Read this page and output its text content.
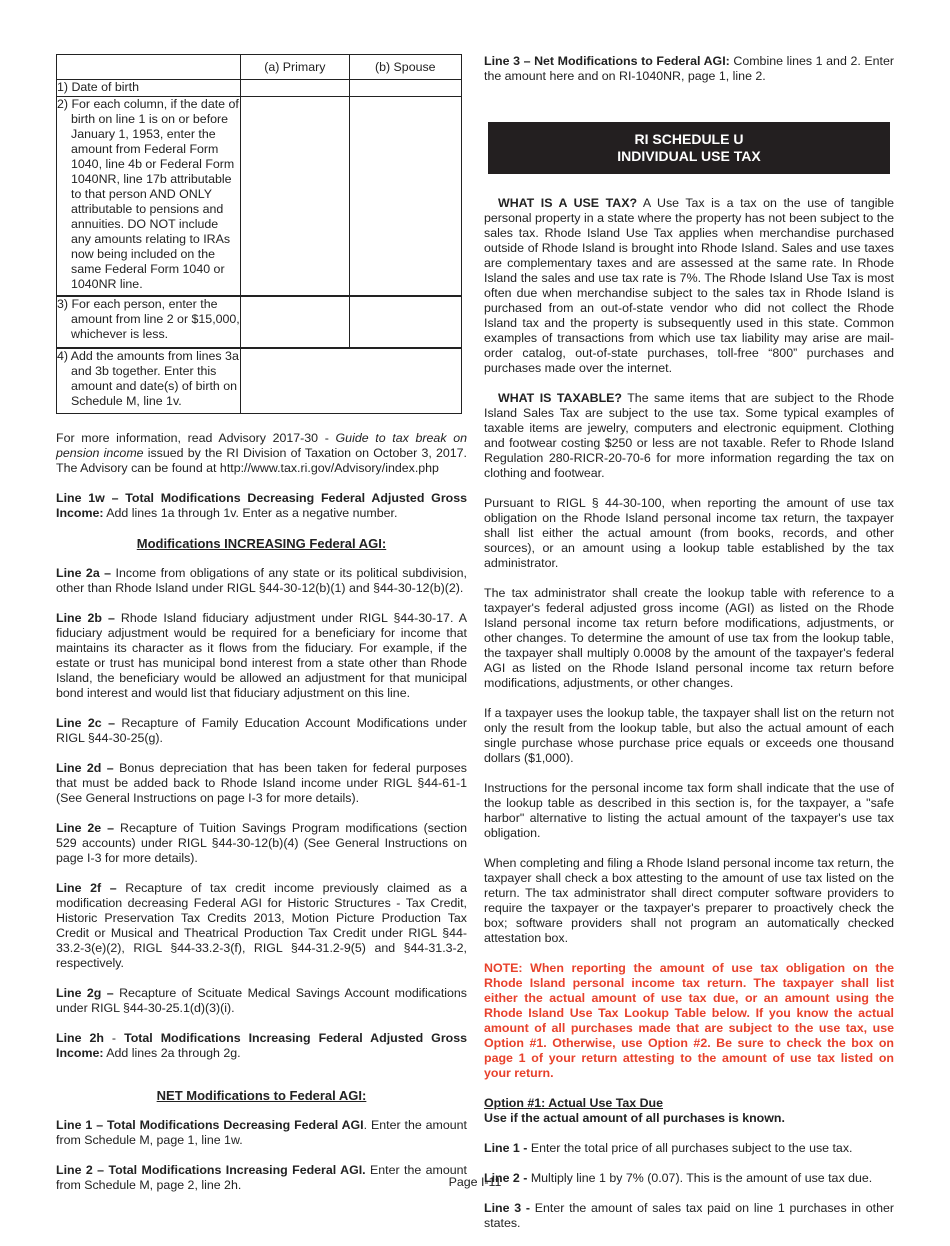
	(a) Primary	(b) Spouse

1) Date of birth		

2) For each column, if the date of birth on line 1 is on or before January 1, 1953, enter the amount from Federal Form 1040, line 4b or Federal Form 1040NR, line 17b attributable to that person AND ONLY attributable to pensions and annuities. DO NOT include any amounts relating to IRAs now being included on the same Federal Form 1040 or 1040NR line.		

3) For each person, enter the amount from line 2 or $15,000, whichever is less.		

4) Add the amounts from lines 3a and 3b together. Enter this amount and date(s) of birth on Schedule M, line 1v.		

For more information, read Advisory 2017-30 - Guide to tax break on pension income issued by the RI Division of Taxation on October 3, 2017. The Advisory can be found at http://www.tax.ri.gov/Advisory/index.php

Line 1w – Total Modifications Decreasing Federal Adjusted Gross Income: Add lines 1a through 1v. Enter as a negative number.

Modifications INCREASING Federal AGI:

Line 2a – Income from obligations of any state or its political subdivision, other than Rhode Island under RIGL §44-30-12(b)(1) and §44-30-12(b)(2).

Line 2b – Rhode Island fiduciary adjustment under RIGL §44-30-17. A fiduciary adjustment would be required for a beneficiary for income that maintains its character as it flows from the fiduciary. For example, if the estate or trust has municipal bond interest from a state other than Rhode Island, the beneficiary would be allowed an adjustment for that municipal bond interest and would list that fiduciary adjustment on this line.

Line 2c – Recapture of Family Education Account Modifications under RIGL §44-30-25(g).

Line 2d – Bonus depreciation that has been taken for federal purposes that must be added back to Rhode Island income under RIGL §44-61-1 (See General Instructions on page I-3 for more details).

Line 2e – Recapture of Tuition Savings Program modifications (section 529 accounts) under RIGL §44-30-12(b)(4) (See General Instructions on page I-3 for more details).

Line 2f – Recapture of tax credit income previously claimed as a modification decreasing Federal AGI for Historic Structures - Tax Credit, Historic Preservation Tax Credits 2013, Motion Picture Production Tax Credit or Musical and Theatrical Production Tax Credit under RIGL §44-33.2-3(e)(2), RIGL §44-33.2-3(f), RIGL §44-31.2-9(5) and §44-31.3-2, respectively.

Line 2g – Recapture of Scituate Medical Savings Account modifications under RIGL §44-30-25.1(d)(3)(i).

Line 2h - Total Modifications Increasing Federal Adjusted Gross Income: Add lines 2a through 2g.

NET Modifications to Federal AGI:

Line 1 – Total Modifications Decreasing Federal AGI. Enter the amount from Schedule M, page 1, line 1w.

Line 2 – Total Modifications Increasing Federal AGI. Enter the amount from Schedule M, page 2, line 2h.

Line 3 – Net Modifications to Federal AGI: Combine lines 1 and 2. Enter the amount here and on RI-1040NR, page 1, line 2.

RI SCHEDULE U
INDIVIDUAL USE TAX

WHAT IS A USE TAX? A Use Tax is a tax on the use of tangible personal property in a state where the property has not been subject to the sales tax. Rhode Island Use Tax applies when merchandise purchased outside of Rhode Island is brought into Rhode Island. Sales and use taxes are complementary taxes and are assessed at the same rate. In Rhode Island the sales and use tax rate is 7%. The Rhode Island Use Tax is most often due when merchandise subject to the sales tax in Rhode Island is purchased from an out-of-state vendor who did not collect the Rhode Island tax and the property is subsequently used in this state. Common examples of transactions from which use tax liability may arise are mail-order catalog, out-of-state purchases, toll-free “800” purchases and purchases made over the internet.

WHAT IS TAXABLE? The same items that are subject to the Rhode Island Sales Tax are subject to the use tax. Some typical examples of taxable items are jewelry, computers and electronic equipment. Clothing and footwear costing $250 or less are not taxable. Refer to Rhode Island Regulation 280-RICR-20-70-6 for more information regarding the tax on clothing and footwear.

Pursuant to RIGL § 44-30-100, when reporting the amount of use tax obligation on the Rhode Island personal income tax return, the taxpayer shall list either the actual amount (from books, records, and other sources), or an amount using a lookup table established by the tax administrator.

The tax administrator shall create the lookup table with reference to a taxpayer's federal adjusted gross income (AGI) as listed on the Rhode Island personal income tax return before modifications, adjustments, or other changes. To determine the amount of use tax from the lookup table, the taxpayer shall multiply 0.0008 by the amount of the taxpayer's federal AGI as listed on the Rhode Island personal income tax return before modifications, adjustments, or other changes.

If a taxpayer uses the lookup table, the taxpayer shall list on the return not only the result from the lookup table, but also the actual amount of each single purchase whose purchase price equals or exceeds one thousand dollars ($1,000).

Instructions for the personal income tax form shall indicate that the use of the lookup table as described in this section is, for the taxpayer, a "safe harbor" alternative to listing the actual amount of the taxpayer's use tax obligation.

When completing and filing a Rhode Island personal income tax return, the taxpayer shall check a box attesting to the amount of use tax listed on the return. The tax administrator shall direct computer software providers to require the taxpayer or the taxpayer's preparer to proactively check the box; software providers shall not program an automatically checked attestation box.

NOTE: When reporting the amount of use tax obligation on the Rhode Island personal income tax return. The taxpayer shall list either the actual amount of use tax due, or an amount using the Rhode Island Use Tax Lookup Table below. If you know the actual amount of all purchases made that are subject to the use tax, use Option #1. Otherwise, use Option #2. Be sure to check the box on page 1 of your return attesting to the amount of use tax listed on your return.

Option #1: Actual Use Tax Due

Use if the actual amount of all purchases is known.

Line 1 - Enter the total price of all purchases subject to the use tax.

Line 2 - Multiply line 1 by 7% (0.07). This is the amount of use tax due.

Line 3 - Enter the amount of sales tax paid on line 1 purchases in other states.

Page I-11
